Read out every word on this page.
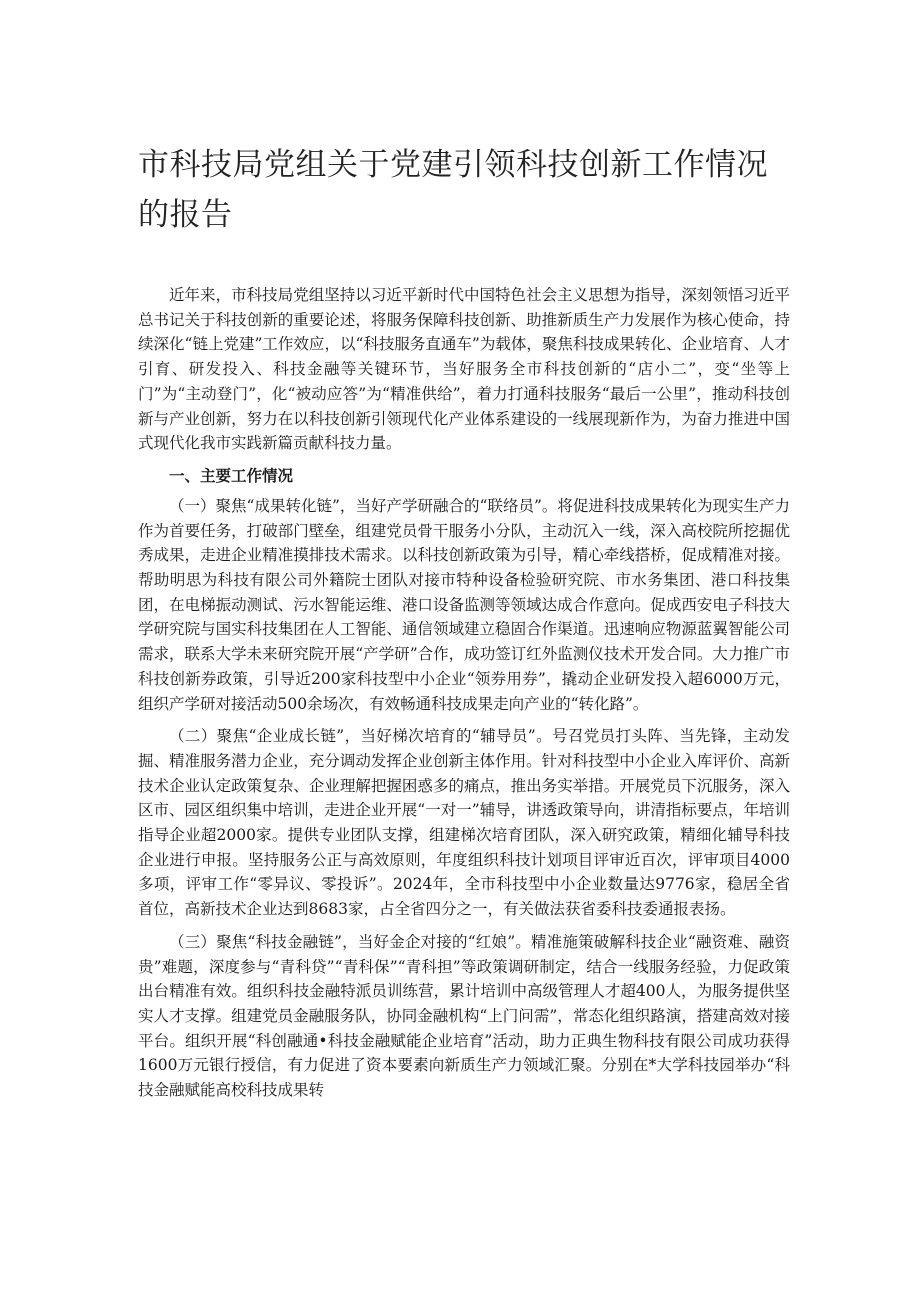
市科技局党组关于党建引领科技创新工作情况的报告

近年来，市科技局党组坚持以习近平新时代中国特色社会主义思想为指导，深刻领悟习近平总书记关于科技创新的重要论述，将服务保障科技创新、助推新质生产力发展作为核心使命，持续深化“链上党建”工作效应，以“科技服务直通车”为载体，聚焦科技成果转化、企业培育、人才引育、研发投入、科技金融等关键环节，当好服务全市科技创新的“店小二”，变“坐等上门”为“主动登门”，化“被动应答”为“精准供给”，着力打通科技服务“最后一公里”，推动科技创新与产业创新，努力在以科技创新引领现代化产业体系建设的一线展现新作为，为奋力推进中国式现代化我市实践新篇贡献科技力量。

一、主要工作情况

（一）聚焦“成果转化链”，当好产学研融合的“联络员”。将促进科技成果转化为现实生产力作为首要任务，打破部门壁垒，组建党员骨干服务小分队，主动沉入一线，深入高校院所挖掘优秀成果，走进企业精准摸排技术需求。以科技创新政策为引导，精心牵线搭桥，促成精准对接。帮助明思为科技有限公司外籍院士团队对接市特种设备检验研究院、市水务集团、港口科技集团，在电梯振动测试、污水智能运维、港口设备监测等领域达成合作意向。促成西安电子科技大学研究院与国实科技集团在人工智能、通信领域建立稳固合作渠道。迅速响应物源蓝翼智能公司需求，联系大学未来研究院开展“产学研”合作，成功签订红外监测仪技术开发合同。大力推广市科技创新券政策，引导近200家科技型中小企业“领券用券”，撬动企业研发投入超6000万元，组织产学研对接活动500余场次，有效畅通科技成果走向产业的“转化路”。

（二）聚焦“企业成长链”，当好梯次培育的“辅导员”。号召党员打头阵、当先锋，主动发掘、精准服务潜力企业，充分调动发挥企业创新主体作用。针对科技型中小企业入库评价、高新技术企业认定政策复杂、企业理解把握困惑多的痛点，推出务实举措。开展党员下沉服务，深入区市、园区组织集中培训，走进企业开展“一对一”辅导，讲透政策导向，讲清指标要点，年培训指导企业超2000家。提供专业团队支撑，组建梯次培育团队，深入研究政策，精细化辅导科技企业进行申报。坚持服务公正与高效原则，年度组织科技计划项目评审近百次，评审项目4000多项，评审工作“零异议、零投诉”。2024年，全市科技型中小企业数量达9776家，稳居全省首位，高新技术企业达到8683家，占全省四分之一，有关做法获省委科技委通报表扬。

（三）聚焦“科技金融链”，当好金企对接的“红娘”。精准施策破解科技企业“融资难、融资贵”难题，深度参与“青科贷”“青科保”“青科担”等政策调研制定，结合一线服务经验，力促政策出台精准有效。组织科技金融特派员训练营，累计培训中高级管理人才超400人，为服务提供坚实人才支撑。组建党员金融服务队，协同金融机构“上门问需”，常态化组织路演，搭建高效对接平台。组织开展“科创融通•科技金融赋能企业培育”活动，助力正典生物科技有限公司成功获得1600万元银行授信，有力促进了资本要素向新质生产力领域汇聚。分别在*大学科技园举办“科技金融赋能高校科技成果转
